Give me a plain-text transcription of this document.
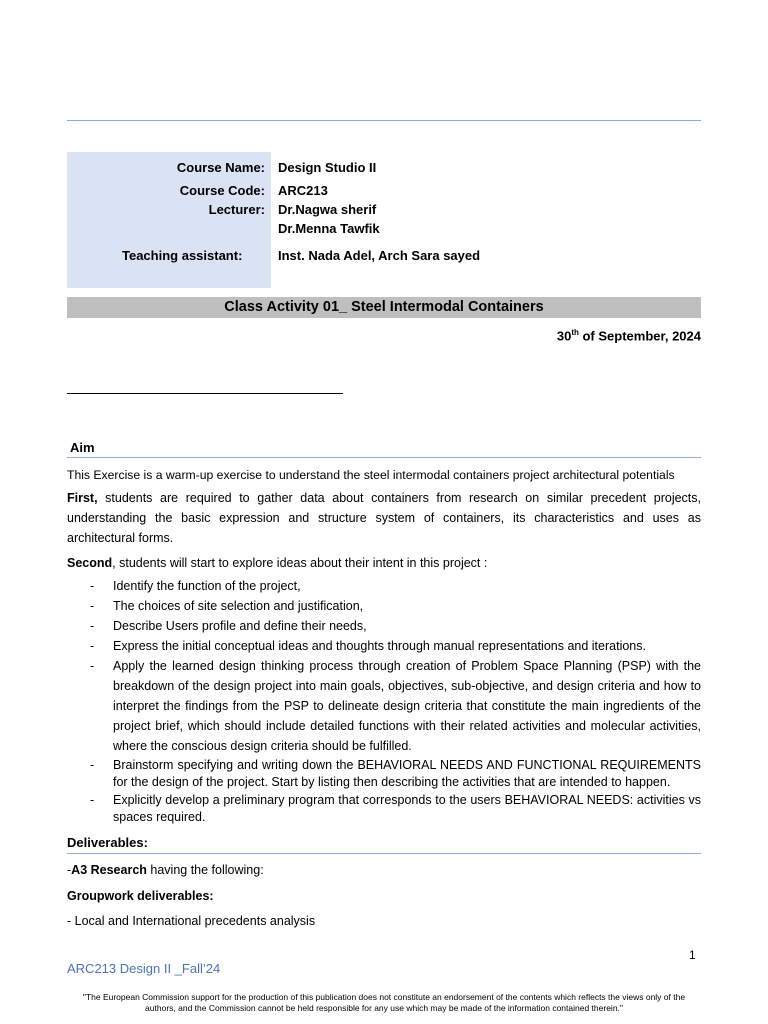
Course Name: Design Studio II
Course Code: ARC213
Lecturer: Dr.Nagwa sherif
Dr.Menna Tawfik
Teaching assistant:	Inst. Nada Adel, Arch Sara sayed
Class Activity 01_ Steel Intermodal Containers
30th of September, 2024
Aim
This Exercise is a warm-up exercise to understand the steel intermodal containers project architectural potentials
First, students are required to gather data about containers from research on similar precedent projects, understanding the basic expression and structure system of containers, its characteristics and uses as architectural forms.
Second, students will start to explore ideas about their intent in this project :
- Identify the function of the project,
- The choices of site selection and justification,
- Describe Users profile and define their needs,
- Express the initial conceptual ideas and thoughts through manual representations and iterations.
- Apply the learned design thinking process through creation of Problem Space Planning (PSP) with the breakdown of the design project into main goals, objectives, sub-objective, and design criteria and how to interpret the findings from the PSP to delineate design criteria that constitute the main ingredients of the project brief, which should include detailed functions with their related activities and molecular activities, where the conscious design criteria should be fulfilled.
- Brainstorm specifying and writing down the BEHAVIORAL NEEDS AND FUNCTIONAL REQUIREMENTS for the design of the project. Start by listing then describing the activities that are intended to happen.
- Explicitly develop a preliminary program that corresponds to the users BEHAVIORAL NEEDS: activities vs spaces required.
Deliverables:
-A3 Research having the following:
Groupwork deliverables:
- Local and International precedents analysis
1
ARC213 Design II _Fall’24
"The European Commission support for the production of this publication does not constitute an endorsement of the contents which reflects the views only of the authors, and the Commission cannot be held responsible for any use which may be made of the information contained therein."
